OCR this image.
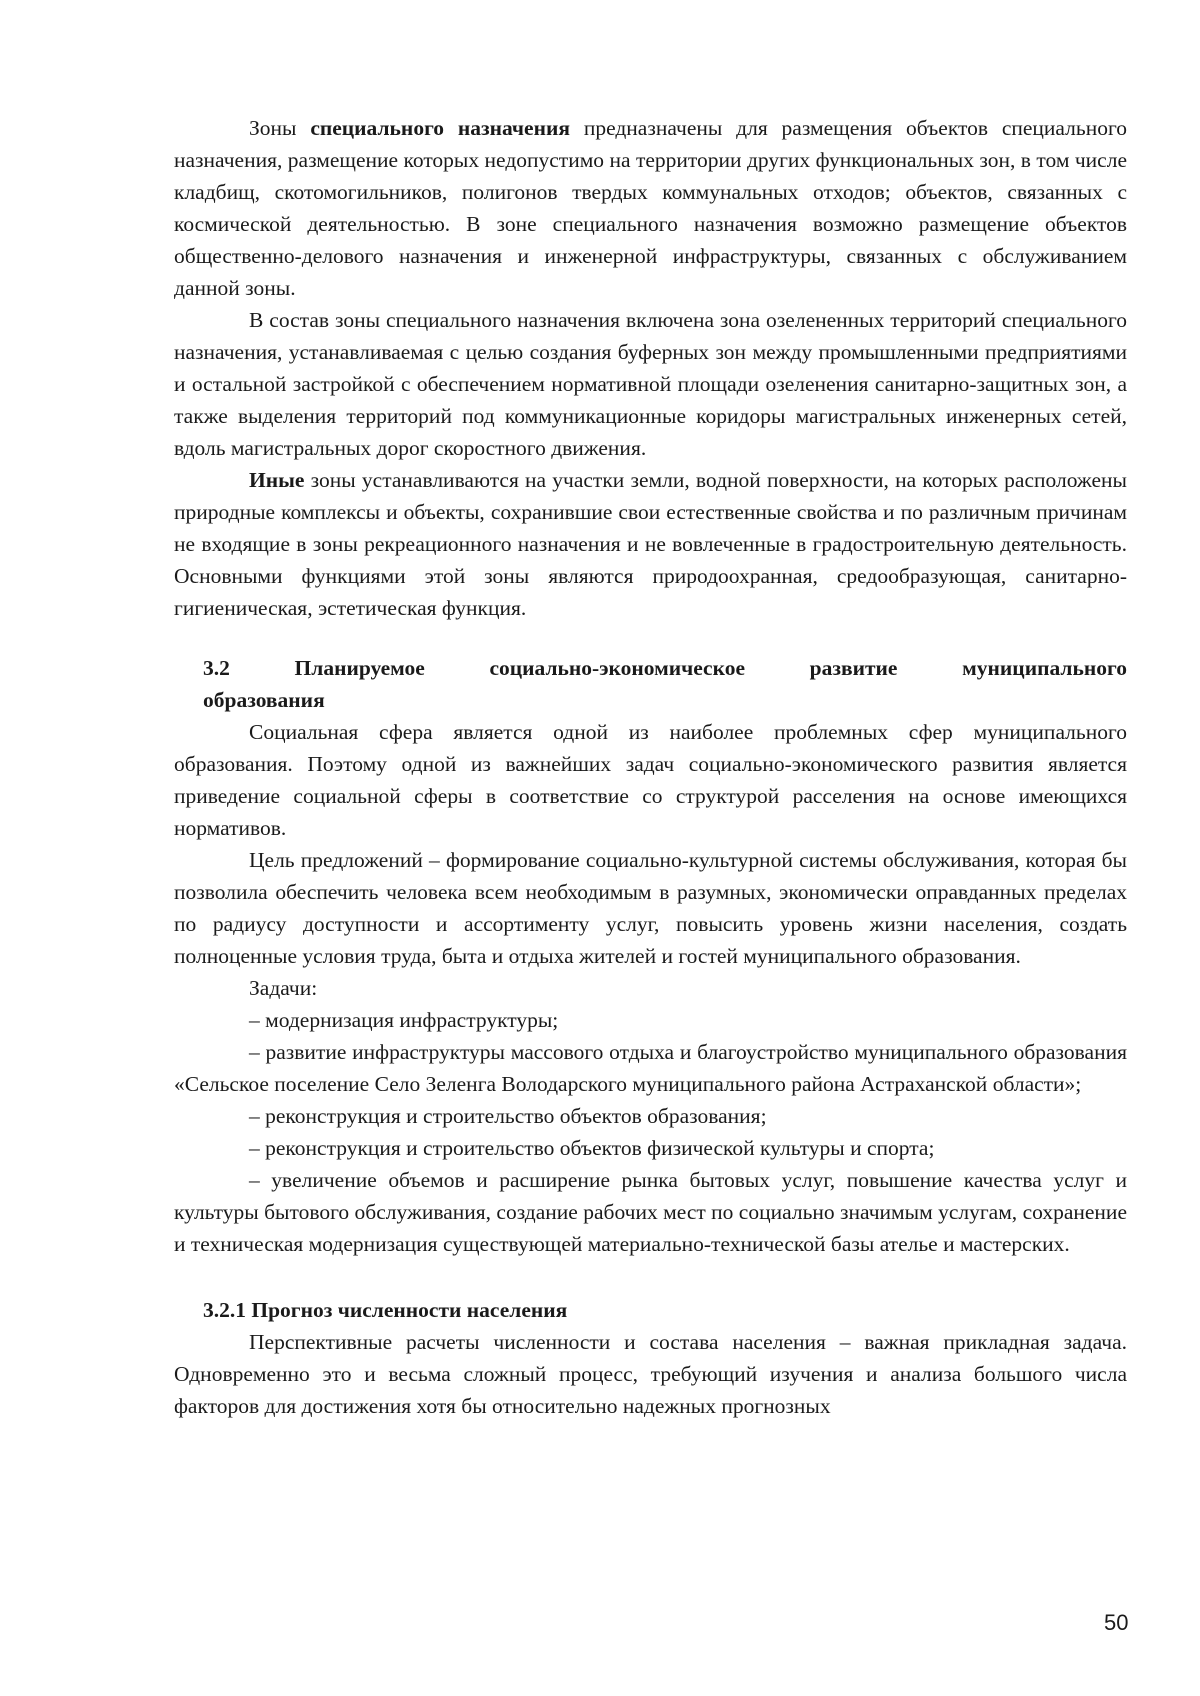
Зоны специального назначения предназначены для размещения объектов специального назначения, размещение которых недопустимо на территории других функциональных зон, в том числе кладбищ, скотомогильников, полигонов твердых коммунальных отходов; объектов, связанных с космической деятельностью. В зоне специального назначения возможно размещение объектов общественно-делового назначения и инженерной инфраструктуры, связанных с обслуживанием данной зоны.

В состав зоны специального назначения включена зона озелененных территорий специального назначения, устанавливаемая с целью создания буферных зон между промышленными предприятиями и остальной застройкой с обеспечением нормативной площади озеленения санитарно-защитных зон, а также выделения территорий под коммуникационные коридоры магистральных инженерных сетей, вдоль магистральных дорог скоростного движения.

Иные зоны устанавливаются на участки земли, водной поверхности, на которых расположены природные комплексы и объекты, сохранившие свои естественные свойства и по различным причинам не входящие в зоны рекреационного назначения и не вовлеченные в градостроительную деятельность. Основными функциями этой зоны являются природоохранная, средообразующая, санитарно-гигиеническая, эстетическая функция.

3.2	Планируемое	социально-экономическое	развитие	муниципального
образования

Социальная сфера является одной из наиболее проблемных сфер муниципального образования. Поэтому одной из важнейших задач социально-экономического развития является приведение социальной сферы в соответствие со структурой расселения на основе имеющихся нормативов.

Цель предложений – формирование социально-культурной системы обслуживания, которая бы позволила обеспечить человека всем необходимым в разумных, экономически оправданных пределах по радиусу доступности и ассортименту услуг, повысить уровень жизни населения, создать полноценные условия труда, быта и отдыха жителей и гостей муниципального образования.

Задачи:

– модернизация инфраструктуры;

– развитие инфраструктуры массового отдыха и благоустройство муниципального образования «Сельское поселение Село Зеленга Володарского муниципального района Астраханской области»;

– реконструкция и строительство объектов образования;

– реконструкция и строительство объектов физической культуры и спорта;

– увеличение объемов и расширение рынка бытовых услуг, повышение качества услуг и культуры бытового обслуживания, создание рабочих мест по социально значимым услугам, сохранение и техническая модернизация существующей материально-технической базы ателье и мастерских.

3.2.1 Прогноз численности населения

Перспективные расчеты численности и состава населения – важная прикладная задача. Одновременно это и весьма сложный процесс, требующий изучения и анализа большого числа факторов для достижения хотя бы относительно надежных прогнозных

50
